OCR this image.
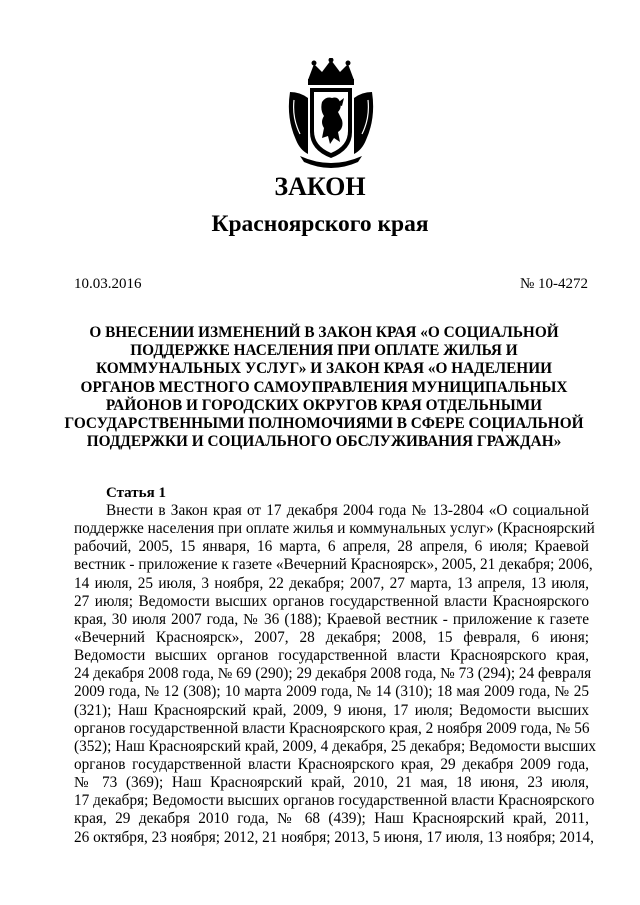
ЗАКОН
Красноярского края
10.03.2016	№ 10-4272
О ВНЕСЕНИИ ИЗМЕНЕНИЙ В ЗАКОН КРАЯ «О СОЦИАЛЬНОЙ
ПОДДЕРЖКЕ НАСЕЛЕНИЯ ПРИ ОПЛАТЕ ЖИЛЬЯ И
КОММУНАЛЬНЫХ УСЛУГ» И ЗАКОН КРАЯ «О НАДЕЛЕНИИ
ОРГАНОВ МЕСТНОГО САМОУПРАВЛЕНИЯ МУНИЦИПАЛЬНЫХ
РАЙОНОВ И ГОРОДСКИХ ОКРУГОВ КРАЯ ОТДЕЛЬНЫМИ
ГОСУДАРСТВЕННЫМИ ПОЛНОМОЧИЯМИ В СФЕРЕ СОЦИАЛЬНОЙ
ПОДДЕРЖКИ И СОЦИАЛЬНОГО ОБСЛУЖИВАНИЯ ГРАЖДАН»
Статья 1
Внести в Закон края от 17 декабря 2004 года № 13-2804 «О социальной
поддержке населения при оплате жилья и коммунальных услуг» (Красноярский
рабочий, 2005, 15 января, 16 марта, 6 апреля, 28 апреля, 6 июля; Краевой
вестник - приложение к газете «Вечерний Красноярск», 2005, 21 декабря; 2006,
14 июля, 25 июля, 3 ноября, 22 декабря; 2007, 27 марта, 13 апреля, 13 июля,
27 июля; Ведомости высших органов государственной власти Красноярского
края, 30 июля 2007 года, № 36 (188); Краевой вестник - приложение к газете
«Вечерний Красноярск», 2007, 28 декабря; 2008, 15 февраля, 6 июня;
Ведомости высших органов государственной власти Красноярского края,
24 декабря 2008 года, № 69 (290); 29 декабря 2008 года, № 73 (294); 24 февраля
2009 года, № 12 (308); 10 марта 2009 года, № 14 (310); 18 мая 2009 года, № 25
(321); Наш Красноярский край, 2009, 9 июня, 17 июля; Ведомости высших
органов государственной власти Красноярского края, 2 ноября 2009 года, № 56
(352); Наш Красноярский край, 2009, 4 декабря, 25 декабря; Ведомости высших
органов государственной власти Красноярского края, 29 декабря 2009 года,
№ 73 (369); Наш Красноярский край, 2010, 21 мая, 18 июня, 23 июля,
17 декабря; Ведомости высших органов государственной власти Красноярского
края, 29 декабря 2010 года, № 68 (439); Наш Красноярский край, 2011,
26 октября, 23 ноября; 2012, 21 ноября; 2013, 5 июня, 17 июля, 13 ноября; 2014,
